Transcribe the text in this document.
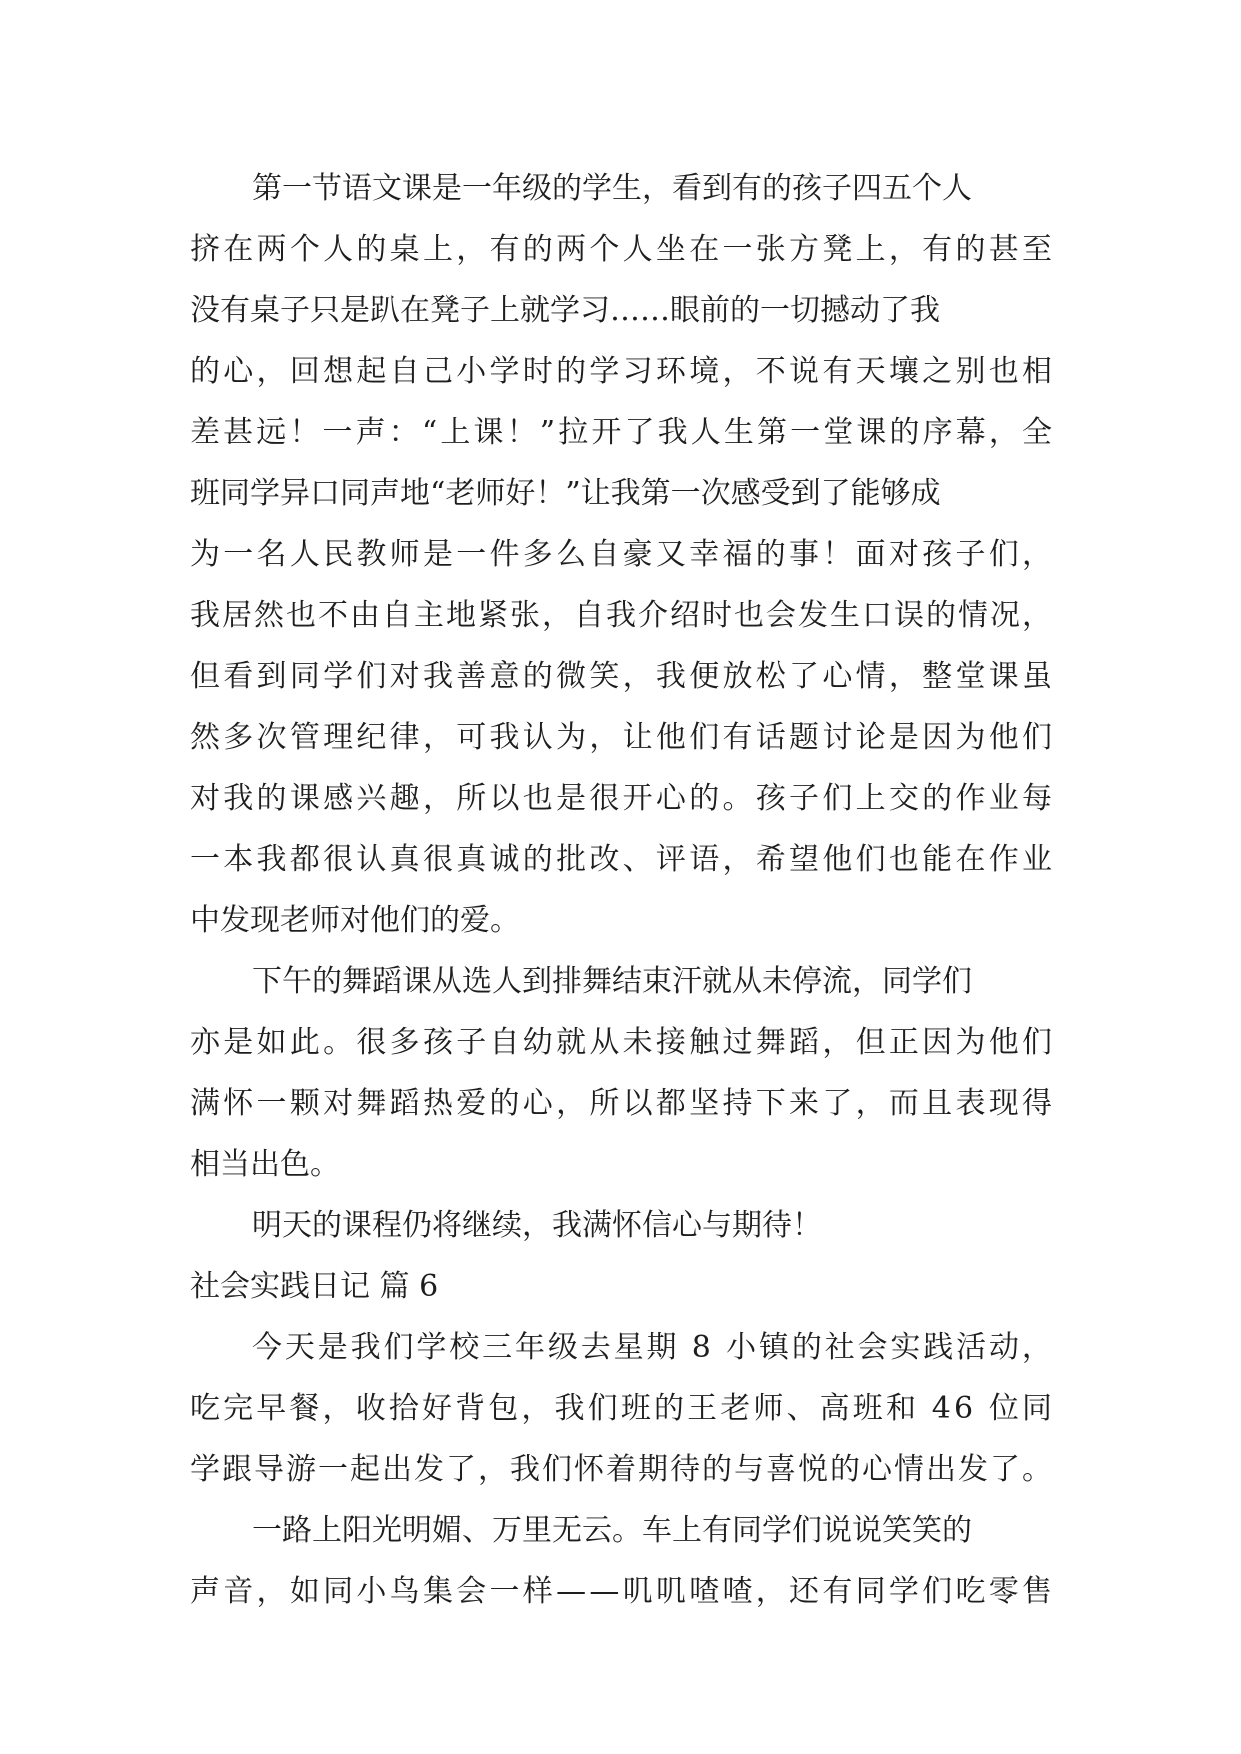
第一节语文课是一年级的学生，看到有的孩子四五个人
挤在两个人的桌上，有的两个人坐在一张方凳上，有的甚至
没有桌子只是趴在凳子上就学习……眼前的一切撼动了我
的心，回想起自己小学时的学习环境，不说有天壤之别也相
差甚远！一声：“上课！”拉开了我人生第一堂课的序幕，全
班同学异口同声地“老师好！”让我第一次感受到了能够成
为一名人民教师是一件多么自豪又幸福的事！面对孩子们，
我居然也不由自主地紧张，自我介绍时也会发生口误的情况，
但看到同学们对我善意的微笑，我便放松了心情，整堂课虽
然多次管理纪律，可我认为，让他们有话题讨论是因为他们
对我的课感兴趣，所以也是很开心的。孩子们上交的作业每
一本我都很认真很真诚的批改、评语，希望他们也能在作业
中发现老师对他们的爱。
下午的舞蹈课从选人到排舞结束汗就从未停流，同学们
亦是如此。很多孩子自幼就从未接触过舞蹈，但正因为他们
满怀一颗对舞蹈热爱的心，所以都坚持下来了，而且表现得
相当出色。
明天的课程仍将继续，我满怀信心与期待！
社会实践日记 篇 6
今天是我们学校三年级去星期 8 小镇的社会实践活动，
吃完早餐，收拾好背包，我们班的王老师、高班和 46 位同
学跟导游一起出发了，我们怀着期待的与喜悦的心情出发了。
一路上阳光明媚、万里无云。车上有同学们说说笑笑的
声音，如同小鸟集会一样——叽叽喳喳，还有同学们吃零售
